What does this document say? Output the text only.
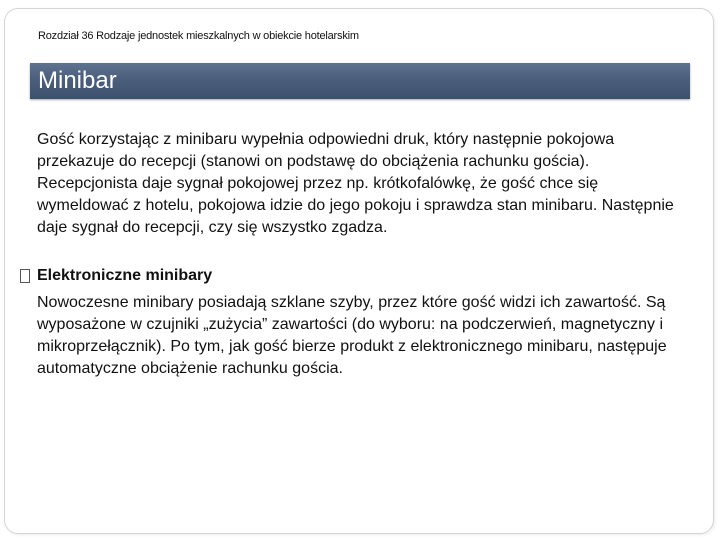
Rozdział 36 Rodzaje jednostek mieszkalnych w obiekcie hotelarskim
Minibar

Gość korzystając z minibaru wypełnia odpowiedni druk, który następnie pokojowa przekazuje do recepcji (stanowi on podstawę do obciążenia rachunku gościa). Recepcjonista daje sygnał pokojowej przez np. krótkofalówkę, że gość chce się wymeldować z hotelu, pokojowa idzie do jego pokoju i sprawdza stan minibaru. Następnie daje sygnał do recepcji, czy się wszystko zgadza.

Elektroniczne minibary

Nowoczesne minibary posiadają szklane szyby, przez które gość widzi ich zawartość. Są wyposażone w czujniki „zużycia” zawartości (do wyboru: na podczerwień, magnetyczny i mikroprzełącznik). Po tym, jak gość bierze produkt z elektronicznego minibaru, następuje automatyczne obciążenie rachunku gościa.
